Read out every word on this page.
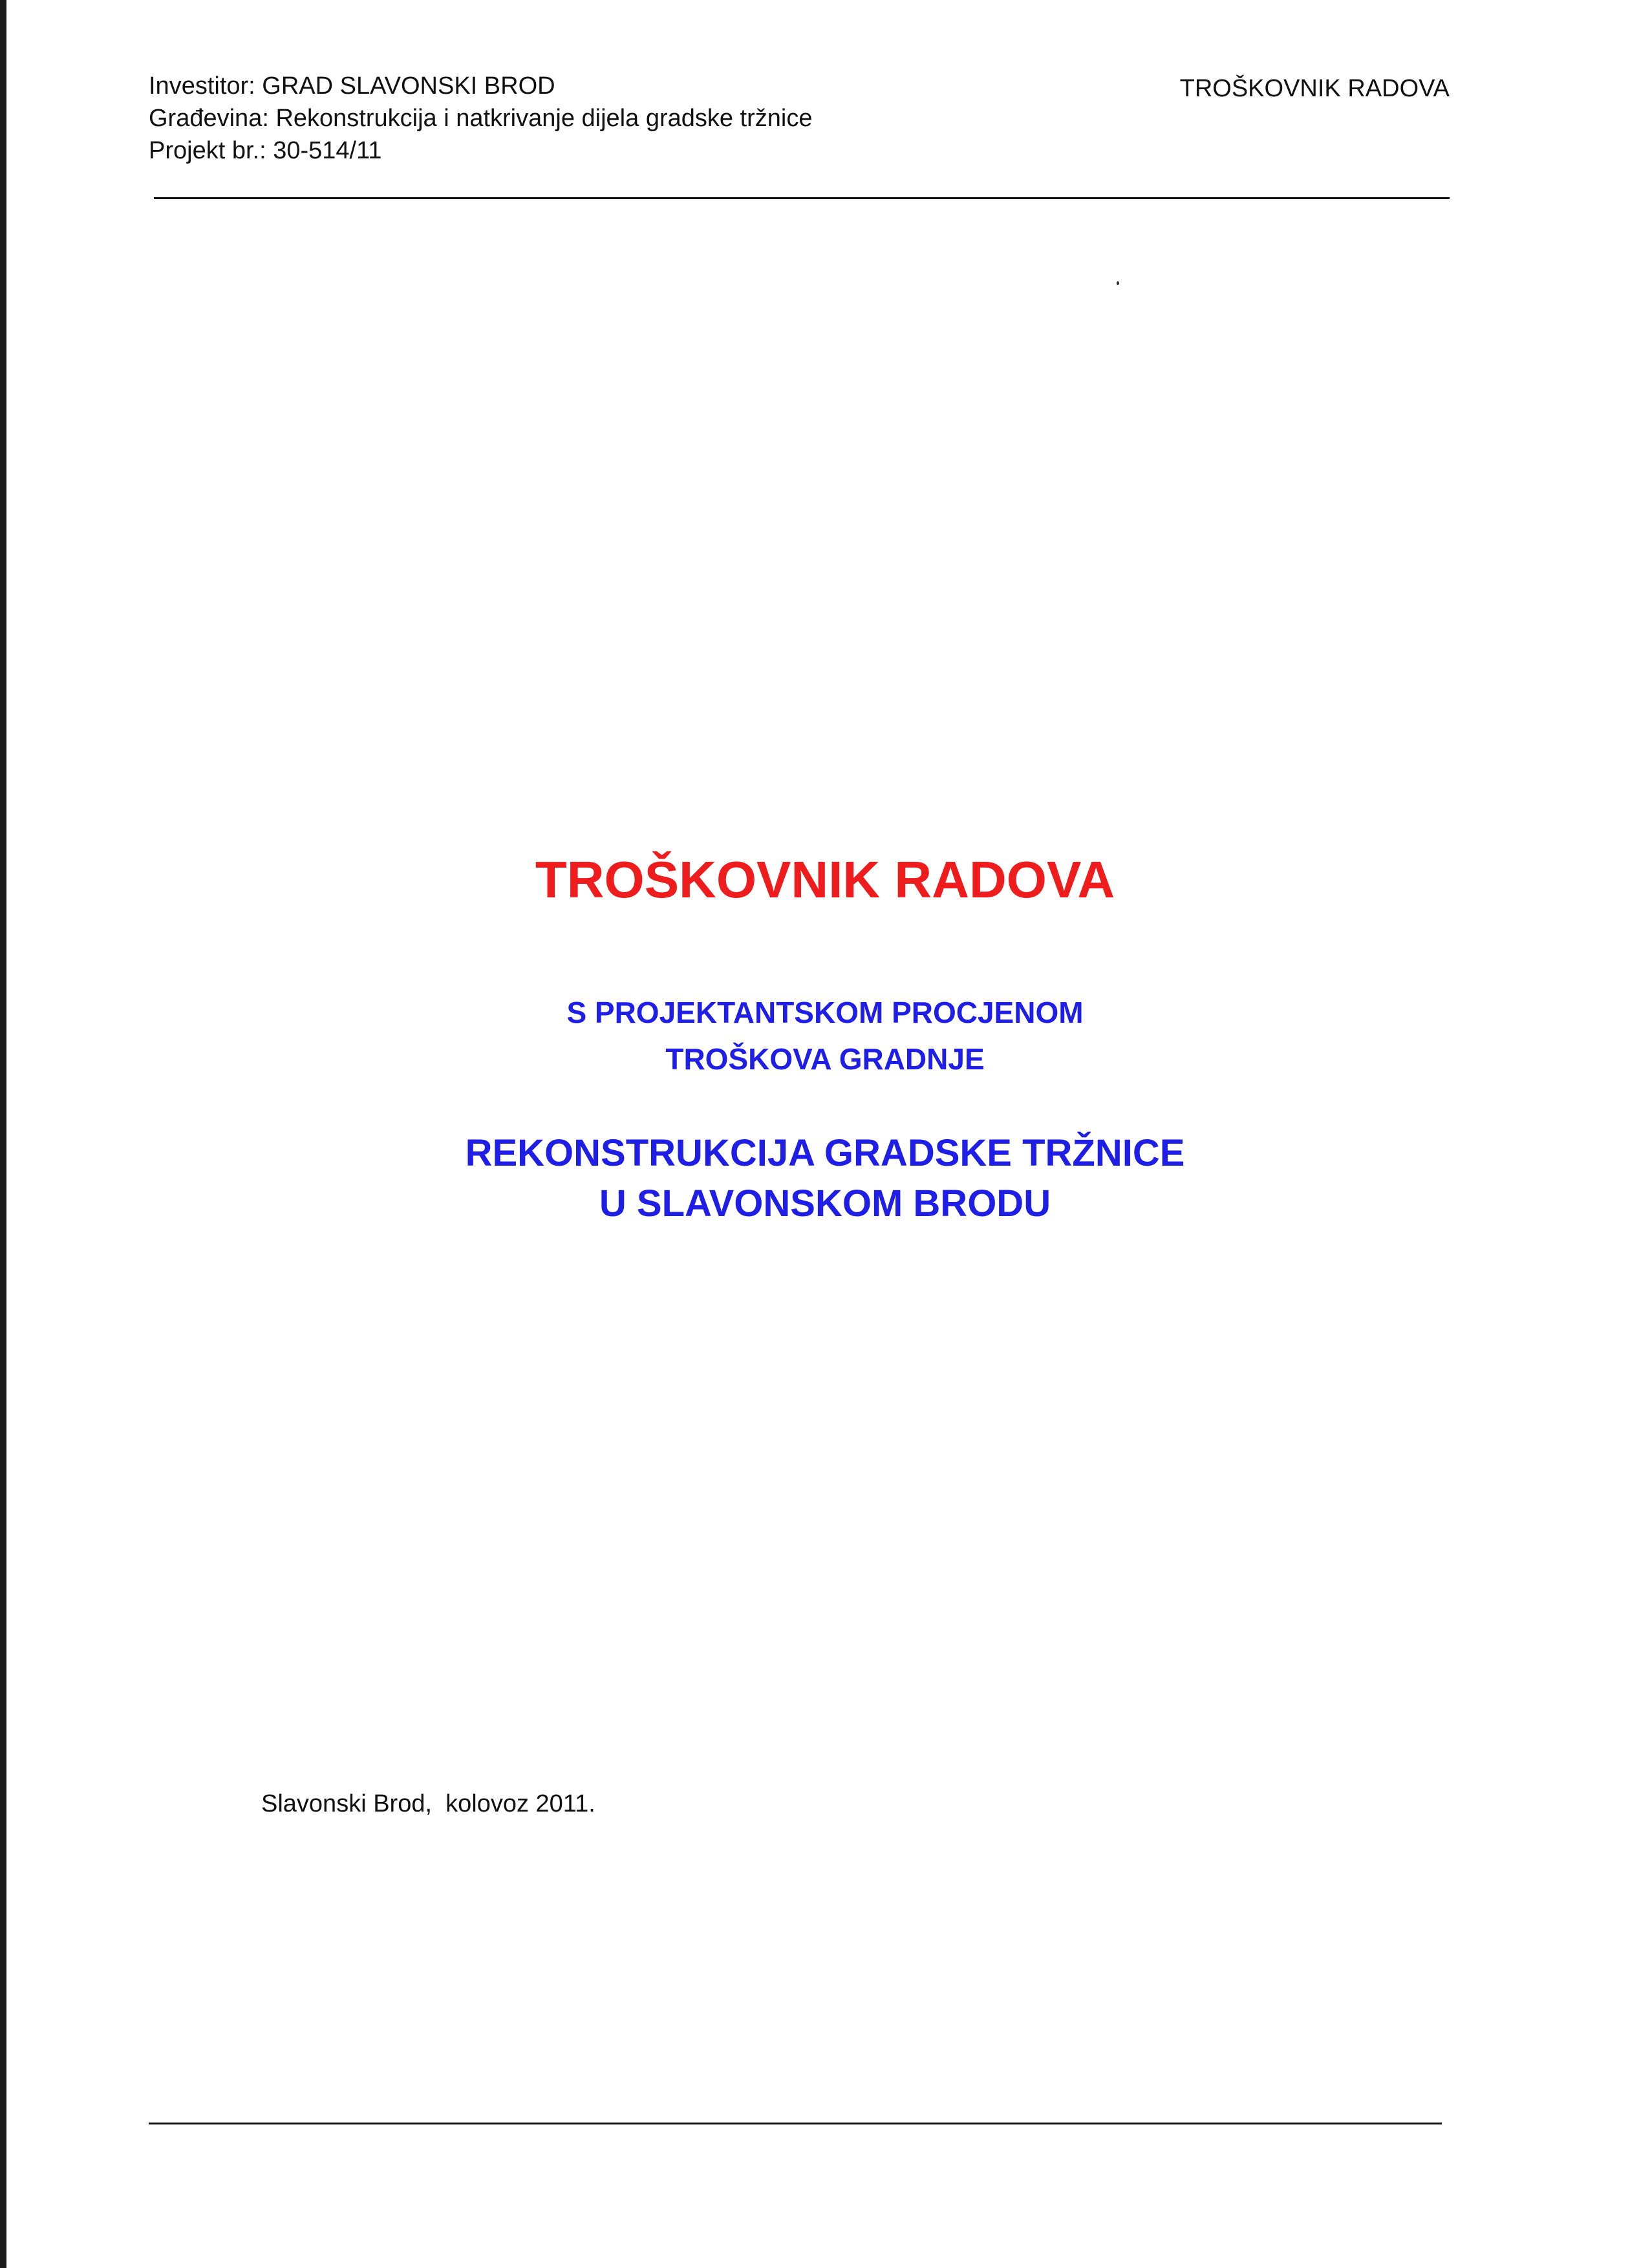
Investitor: GRAD SLAVONSKI BROD
Građevina: Rekonstrukcija i natkrivanje dijela gradske tržnice
Projekt br.: 30-514/11
TROŠKOVNIK RADOVA
TROŠKOVNIK RADOVA
S PROJEKTANTSKOM PROCJENOM
TROŠKOVA GRADNJE
REKONSTRUKCIJA GRADSKE TRŽNICE
U SLAVONSKOM BRODU
Slavonski Brod,  kolovoz 2011.
